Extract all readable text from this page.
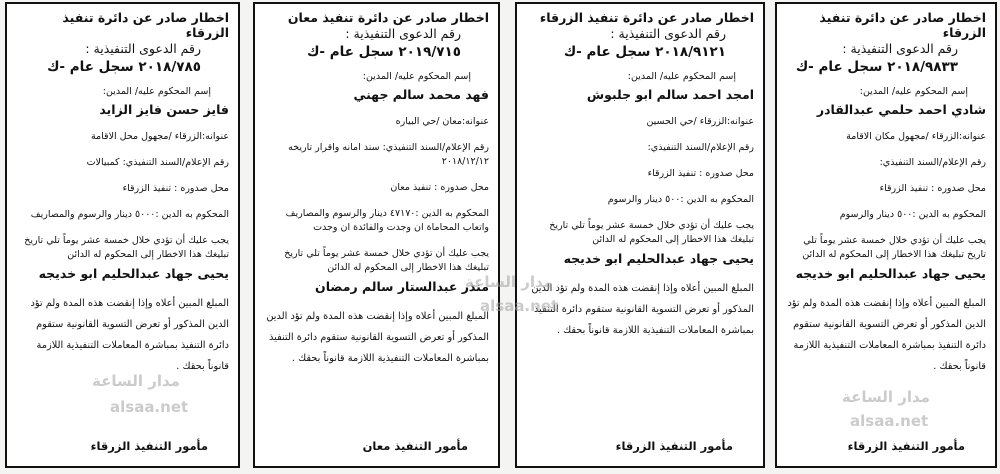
اخطار صادر عن دائرة تنفيذ الزرقاء
رقم الدعوى التنفيذية :
٢٠١٨/٩٨٣٣ سجل عام -ك
إسم المحكوم عليه/ المدين:
شادي احمد حلمي عبدالقادر
عنوانه:الزرقاء /مجهول مكان الاقامة
رقم الإعلام/السند التنفيذي:
محل صدوره : تنفيذ الزرقاء
المحكوم به الدين :٥٠٠ دينار والرسوم
يجب عليك أن تؤدي خلال خمسة عشر يوماً تلي تاريخ تبليغك هذا الاخطار إلى المحكوم له الدائن
يحيى جهاد عبدالحليم ابو خديجه
المبلغ المبين أعلاه وإذا إنقضت هذه المدة ولم تؤد الدين المذكور أو تعرض التسوية القانونية ستقوم دائرة التنفيذ بمباشرة المعاملات التنفيذية اللازمة قانوناً بحقك .
مأمور التنفيذ الزرقاء
اخطار صادر عن دائرة تنفيذ الزرقاء
رقم الدعوى التنفيذية :
٢٠١٨/٩١٢١ سجل عام -ك
إسم المحكوم عليه/ المدين:
امجد احمد سالم ابو جلبوش
عنوانه:الزرقاء /حي الحسين
رقم الإعلام/السند التنفيذي:
محل صدوره : تنفيذ الزرقاء
المحكوم به الدين :٥٠٠ دينار والرسوم
يجب عليك أن تؤدي خلال خمسة عشر يوماً تلي تاريخ تبليغك هذا الاخطار إلى المحكوم له الدائن
يحيى جهاد عبدالحليم ابو خديجه
المبلغ المبين أعلاه وإذا إنقضت هذه المدة ولم تؤد الدين المذكور أو تعرض التسوية القانونية ستقوم دائرة التنفيذ بمباشرة المعاملات التنفيذية اللازمة قانوناً بحقك .
مأمور التنفيذ الزرقاء
اخطار صادر عن دائرة تنفيذ معان
رقم الدعوى التنفيذية :
٢٠١٩/٧١٥ سجل عام -ك
إسم المحكوم عليه/ المدين:
فهد محمد سالم جهني
عنوانه:معان /حي البياره
رقم الإعلام/السند التنفيذي: سند امانه واقرار تاريخه ٢٠١٨/١٢/١٢
محل صدوره : تنفيذ معان
المحكوم به الدين :٤٧١٧٠ دينار والرسوم والمصاريف واتعاب المحاماة ان وجدت والفائدة ان وجدت
يجب عليك أن تؤدي خلال خمسة عشر يوماً تلي تاريخ تبليغك هذا الاخطار إلى المحكوم له الدائن
منذر عبدالستار سالم رمضان
المبلغ المبين أعلاه وإذا إنقضت هذه المدة ولم تؤد الدين المذكور أو تعرض التسوية القانونية ستقوم دائرة التنفيذ بمباشرة المعاملات التنفيذية اللازمة قانوناً بحقك .
مأمور التنفيذ معان
اخطار صادر عن دائرة تنفيذ الزرقاء
رقم الدعوى التنفيذية :
٢٠١٨/٧٨٥ سجل عام -ك
إسم المحكوم عليه/ المدين:
فايز حسن فايز الزايد
عنوانه:الزرقاء /مجهول محل الاقامة
رقم الإعلام/السند التنفيذي: كمبيالات
محل صدوره : تنفيذ الزرقاء
المحكوم به الدين :٥٠٠٠ دينار والرسوم والمصاريف
يجب عليك أن تؤدي خلال خمسة عشر يوماً تلي تاريخ تبليغك هذا الاخطار إلى المحكوم له الدائن
يحيى جهاد عبدالحليم ابو خديجه
المبلغ المبين أعلاه وإذا إنقضت هذه المدة ولم تؤد الدين المذكور أو تعرض التسوية القانونية ستقوم دائرة التنفيذ بمباشرة المعاملات التنفيذية اللازمة قانوناً بحقك .
مأمور التنفيذ الزرقاء
مدار الساعة
alsaa.net
مدار الساعة
alsaa.net
مدار الساعة
alsaa.net
